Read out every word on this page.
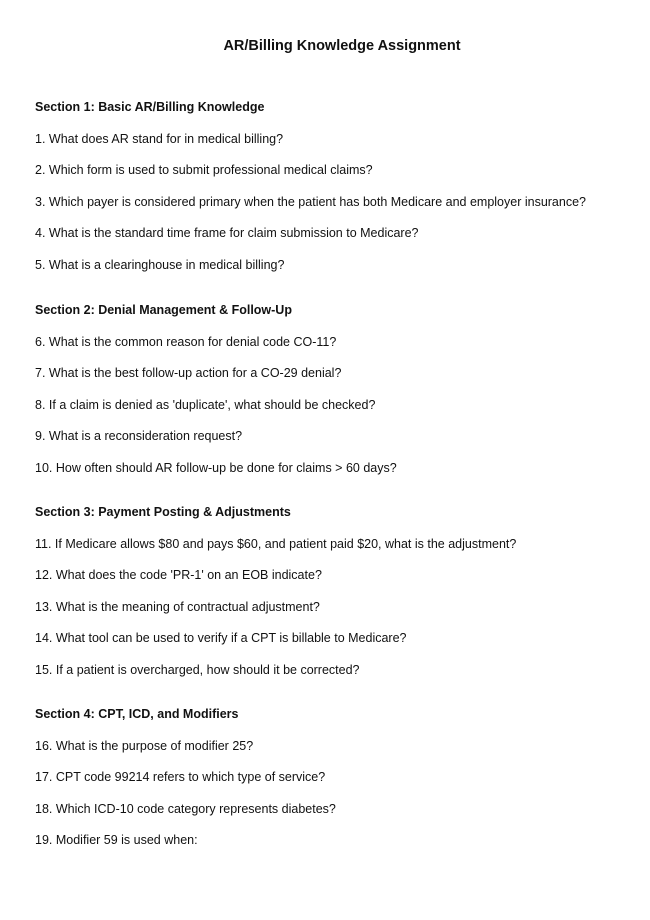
AR/Billing Knowledge Assignment
Section 1: Basic AR/Billing Knowledge
1. What does AR stand for in medical billing?
2. Which form is used to submit professional medical claims?
3. Which payer is considered primary when the patient has both Medicare and employer insurance?
4. What is the standard time frame for claim submission to Medicare?
5. What is a clearinghouse in medical billing?
Section 2: Denial Management & Follow-Up
6. What is the common reason for denial code CO-11?
7. What is the best follow-up action for a CO-29 denial?
8. If a claim is denied as 'duplicate', what should be checked?
9. What is a reconsideration request?
10. How often should AR follow-up be done for claims > 60 days?
Section 3: Payment Posting & Adjustments
11. If Medicare allows $80 and pays $60, and patient paid $20, what is the adjustment?
12. What does the code 'PR-1' on an EOB indicate?
13. What is the meaning of contractual adjustment?
14. What tool can be used to verify if a CPT is billable to Medicare?
15. If a patient is overcharged, how should it be corrected?
Section 4: CPT, ICD, and Modifiers
16. What is the purpose of modifier 25?
17. CPT code 99214 refers to which type of service?
18. Which ICD-10 code category represents diabetes?
19. Modifier 59 is used when:
